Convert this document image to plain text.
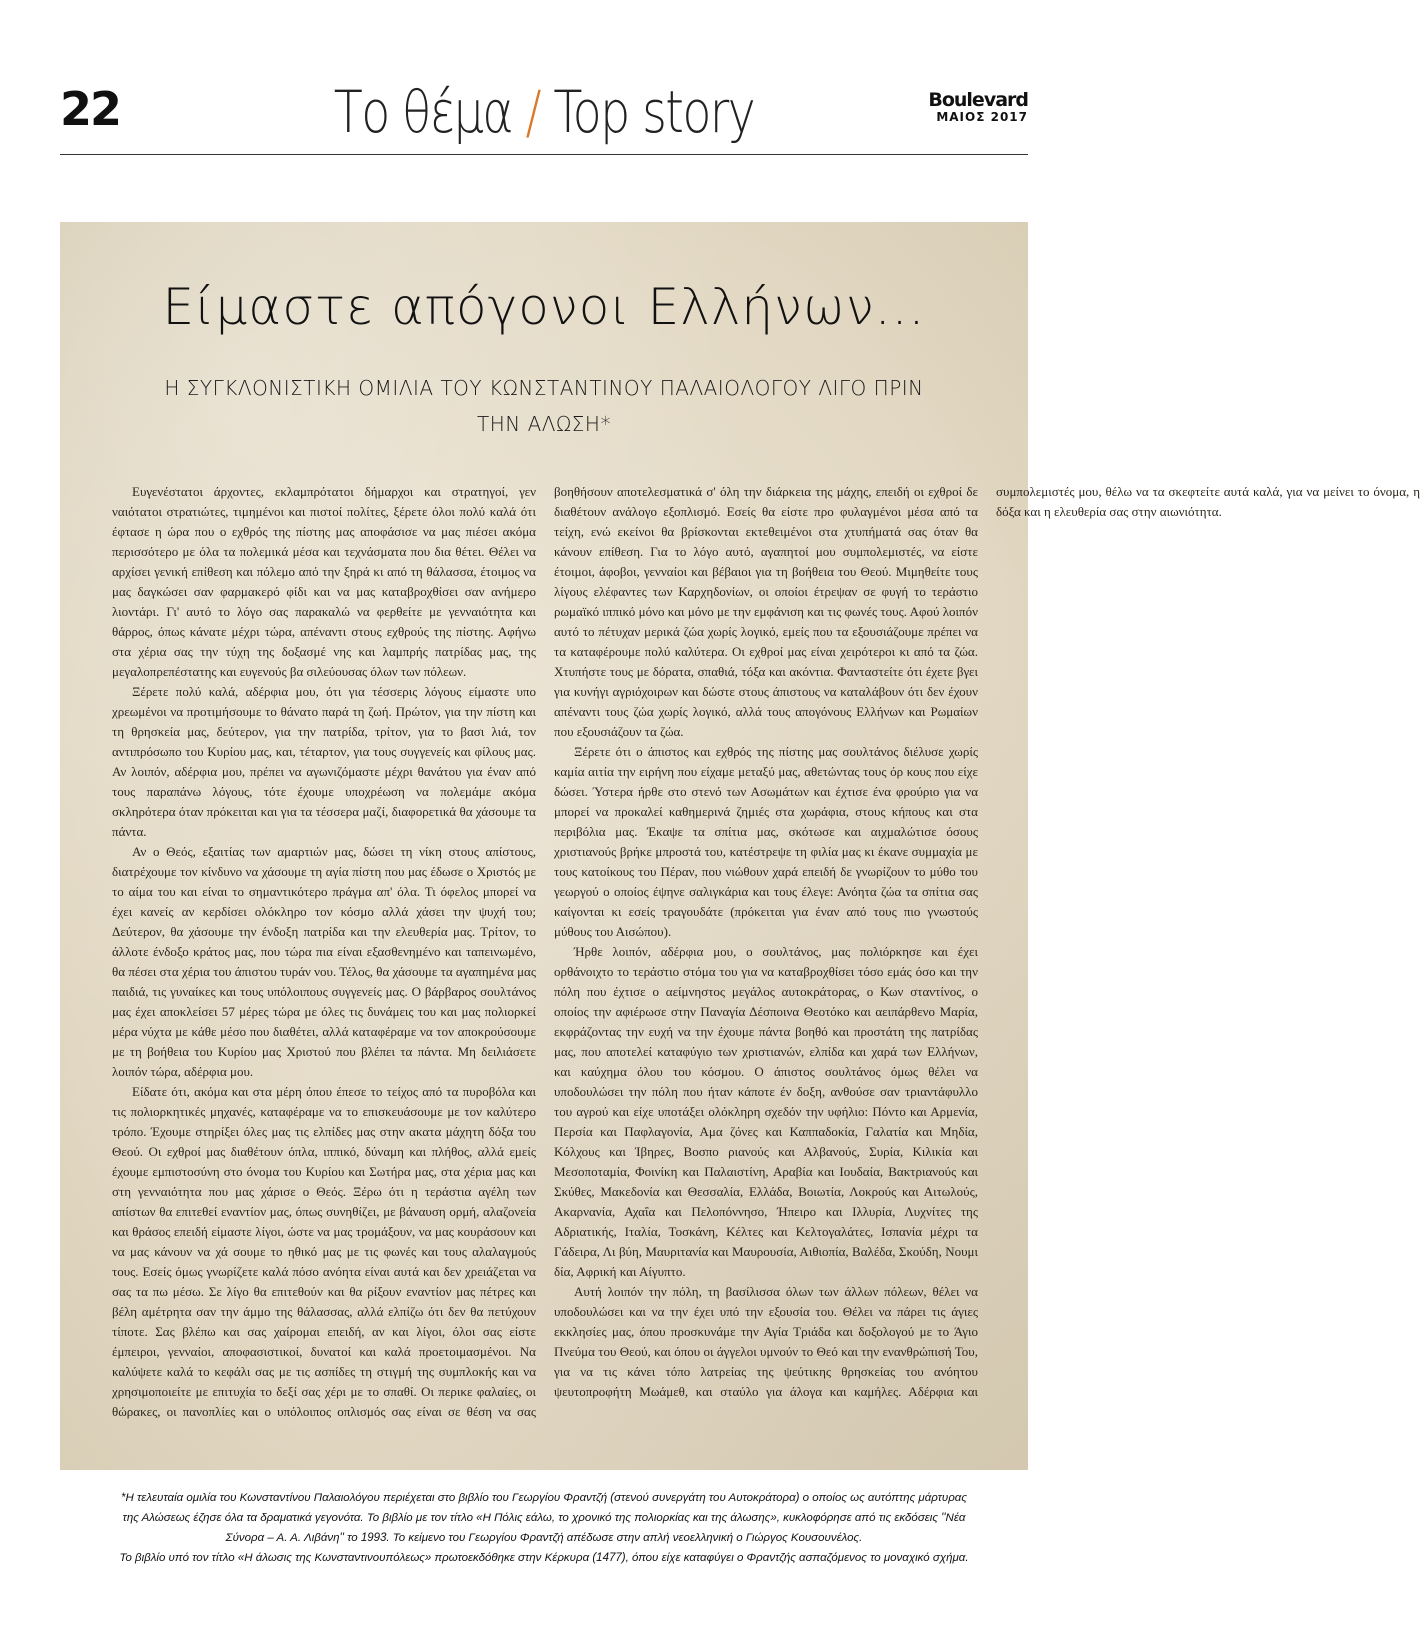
22	Το θέμα / Top story	Boulevard
ΜΑΙΟΣ 2017
Είμαστε απόγονοι Ελλήνων...
Η ΣΥΓΚΛΟΝΙΣΤΙΚΗ ΟΜΙΛΙΑ ΤΟΥ ΚΩΝΣΤΑΝΤΙΝΟΥ ΠΑΛΑΙΟΛΟΓΟΥ ΛΙΓΟ ΠΡΙΝ ΤΗΝ ΑΛΩΣΗ*

Ευγενέστατοι άρχοντες, εκλαμπρότατοι δήμαρχοι και στρατηγοί, γεν ναιότατοι στρατιώτες, τιμημένοι και πιστοί πολίτες, ξέρετε όλοι πολύ καλά ότι έφτασε η ώρα που ο εχθρός της πίστης μας αποφάσισε να μας πιέσει ακόμα περισσότερο με όλα τα πολεμικά μέσα και τεχνάσματα που δια θέτει. Θέλει να αρχίσει γενική επίθεση και πόλεμο από την ξηρά κι από τη θάλασσα, έτοιμος να μας δαγκώσει σαν φαρμακερό φίδι και να μας καταβροχθίσει σαν ανήμερο λιοντάρι. Γι' αυτό το λόγο σας παρακαλώ να φερθείτε με γενναιότητα και θάρρος, όπως κάνατε μέχρι τώρα, απέναντι στους εχθρούς της πίστης. Αφήνω στα χέρια σας την τύχη της δοξασμέ νης και λαμπρής πατρίδας μας, της μεγαλοπρεπέστατης και ευγενούς βα σιλεύουσας όλων των πόλεων.

Ξέρετε πολύ καλά, αδέρφια μου, ότι για τέσσερις λόγους είμαστε υπο χρεωμένοι να προτιμήσουμε το θάνατο παρά τη ζωή. Πρώτον, για την πίστη και τη θρησκεία μας, δεύτερον, για την πατρίδα, τρίτον, για το βασι λιά, τον αντιπρόσωπο του Κυρίου μας, και, τέταρτον, για τους συγγενείς και φίλους μας. Αν λοιπόν, αδέρφια μου, πρέπει να αγωνιζόμαστε μέχρι θανάτου για έναν από τους παραπάνω λόγους, τότε έχουμε υποχρέωση να πολεμάμε ακόμα σκληρότερα όταν πρόκειται και για τα τέσσερα μαζί, διαφορετικά θα χάσουμε τα πάντα.

Αν ο Θεός, εξαιτίας των αμαρτιών μας, δώσει τη νίκη στους απίστους, διατρέχουμε τον κίνδυνο να χάσουμε τη αγία πίστη που μας έδωσε ο Χριστός με το αίμα του και είναι το σημαντικότερο πράγμα απ' όλα. Τι όφελος μπορεί να έχει κανείς αν κερδίσει ολόκληρο τον κόσμο αλλά χάσει την ψυχή του; Δεύτερον, θα χάσουμε την ένδοξη πατρίδα και την ελευθερία μας. Τρίτον, το άλλοτε ένδοξο κράτος μας, που τώρα πια είναι εξασθενημένο και ταπεινωμένο, θα πέσει στα χέρια του άπιστου τυράν νου. Τέλος, θα χάσουμε τα αγαπημένα μας παιδιά, τις γυναίκες και τους υπόλοιπους συγγενείς μας. Ο βάρβαρος σουλτάνος μας έχει αποκλείσει 57 μέρες τώρα με όλες τις δυνάμεις του και μας πολιορκεί μέρα νύχτα με κάθε μέσο που διαθέτει, αλλά καταφέραμε να τον αποκρούσουμε με τη βοήθεια του Κυρίου μας Χριστού που βλέπει τα πάντα. Μη δειλιάσετε λοιπόν τώρα, αδέρφια μου.

Είδατε ότι, ακόμα και στα μέρη όπου έπεσε το τείχος από τα πυροβόλα και τις πολιορκητικές μηχανές, καταφέραμε να το επισκευάσουμε με τον καλύτερο τρόπο. Έχουμε στηρίξει όλες μας τις ελπίδες μας στην ακατα μάχητη δόξα του Θεού. Οι εχθροί μας διαθέτουν όπλα, ιππικό, δύναμη και πλήθος, αλλά εμείς έχουμε εμπιστοσύνη στο όνομα του Κυρίου και Σωτήρα μας, στα χέρια μας και στη γενναιότητα που μας χάρισε ο Θεός. Ξέρω ότι η τεράστια αγέλη των απίστων θα επιτεθεί εναντίον μας, όπως συνηθίζει, με βάναυση ορμή, αλαζονεία και θράσος επειδή είμαστε λίγοι, ώστε να μας τρομάξουν, να μας κουράσουν και να μας κάνουν να χά σουμε το ηθικό μας με τις φωνές και τους αλαλαγμούς τους. Εσείς όμως γνωρίζετε καλά πόσο ανόητα είναι αυτά και δεν χρειάζεται να σας τα πω μέσω. Σε λίγο θα επιτεθούν και θα ρίξουν εναντίον μας πέτρες και βέλη αμέτρητα σαν την άμμο της θάλασσας, αλλά ελπίζω ότι δεν θα πετύχουν τίποτε. Σας βλέπω και σας χαίρομαι επειδή, αν και λίγοι, όλοι σας είστε έμπειροι, γενναίοι, αποφασιστικοί, δυνατοί και καλά προετοιμασμένοι. Να καλύψετε καλά το κεφάλι σας με τις ασπίδες τη στιγμή της συμπλοκής και να χρησιμοποιείτε με επιτυχία το δεξί σας χέρι με το σπαθί. Οι περικε φαλαίες, οι θώρακες, οι πανοπλίες και ο υπόλοιπος οπλισμός σας είναι σε θέση να σας βοηθήσουν αποτελεσματικά σ' όλη την διάρκεια της μάχης, επειδή οι εχθροί δε διαθέτουν ανάλογο εξοπλισμό. Εσείς θα είστε προ φυλαγμένοι μέσα από τα τείχη, ενώ εκείνοι θα βρίσκονται εκτεθειμένοι στα χτυπήματά σας όταν θα κάνουν επίθεση. Για το λόγο αυτό, αγαπητοί μου συμπολεμιστές, να είστε έτοιμοι, άφοβοι, γενναίοι και βέβαιοι για τη βοήθεια του Θεού. Μιμηθείτε τους λίγους ελέφαντες των Καρχηδονίων, οι οποίοι έτρεψαν σε φυγή το τεράστιο ρωμαϊκό ιππικό μόνο και μόνο με την εμφάνιση και τις φωνές τους. Αφού λοιπόν αυτό το πέτυχαν μερικά ζώα χωρίς λογικό, εμείς που τα εξουσιάζουμε πρέπει να τα καταφέρουμε πολύ καλύτερα. Οι εχθροί μας είναι χειρότεροι κι από τα ζώα. Χτυπήστε τους με δόρατα, σπαθιά, τόξα και ακόντια. Φανταστείτε ότι έχετε βγει για κυνήγι αγριόχοιρων και δώστε στους άπιστους να καταλάβουν ότι δεν έχουν απέναντι τους ζώα χωρίς λογικό, αλλά τους απογόνους Ελλήνων και Ρωμαίων που εξουσιάζουν τα ζώα.

Ξέρετε ότι ο άπιστος και εχθρός της πίστης μας σουλτάνος διέλυσε χωρίς καμία αιτία την ειρήνη που είχαμε μεταξύ μας, αθετώντας τους όρ κους που είχε δώσει. Ύστερα ήρθε στο στενό των Ασωμάτων και έχτισε ένα φρούριο για να μπορεί να προκαλεί καθημερινά ζημιές στα χωράφια, στους κήπους και στα περιβόλια μας. Έκαψε τα σπίτια μας, σκότωσε και αιχμαλώτισε όσους χριστιανούς βρήκε μπροστά του, κατέστρεψε τη φιλία μας κι έκανε συμμαχία με τους κατοίκους του Πέραν, που νιώθουν χαρά επειδή δε γνωρίζουν το μύθο του γεωργού ο οποίος έψηνε σαλιγκάρια και τους έλεγε: Ανόητα ζώα τα σπίτια σας καίγονται κι εσείς τραγουδάτε (πρόκειται για έναν από τους πιο γνωστούς μύθους του Αισώπου).

Ήρθε λοιπόν, αδέρφια μου, ο σουλτάνος, μας πολιόρκησε και έχει ορθάνοιχτο το τεράστιο στόμα του για να καταβροχθίσει τόσο εμάς όσο και την πόλη που έχτισε ο αείμνηστος μεγάλος αυτοκράτορας, ο Κων σταντίνος, ο οποίος την αφιέρωσε στην Παναγία Δέσποινα Θεοτόκο και αειπάρθενο Μαρία, εκφράζοντας την ευχή να την έχουμε πάντα βοηθό και προστάτη της πατρίδας μας, που αποτελεί καταφύγιο των χριστιανών, ελπίδα και χαρά των Ελλήνων, και καύχημα όλου του κόσμου. Ο άπιστος σουλτάνος όμως θέλει να υποδουλώσει την πόλη που ήταν κάποτε έν δοξη, ανθούσε σαν τριαντάφυλλο του αγρού και είχε υποτάξει ολόκληρη σχεδόν την υφήλιο: Πόντο και Αρμενία, Περσία και Παφλαγονία, Αμα ζόνες και Καππαδοκία, Γαλατία και Μηδία, Κόλχους και Ίβηρες, Βοσπο ριανούς και Αλβανούς, Συρία, Κιλικία και Μεσοποταμία, Φοινίκη και Παλαιστίνη, Αραβία και Ιουδαία, Βακτριανούς και Σκύθες, Μακεδονία και Θεσσαλία, Ελλάδα, Βοιωτία, Λοκρούς και Αιτωλούς, Ακαρνανία, Αχαΐα και Πελοπόννησο, Ήπειρο και Ιλλυρία, Λυχνίτες της Αδριατικής, Ιταλία, Τοσκάνη, Κέλτες και Κελτογαλάτες, Ισπανία μέχρι τα Γάδειρα, Λι βύη, Μαυριτανία και Μαυρουσία, Αιθιοπία, Βαλέδα, Σκούδη, Νουμι δία, Αφρική και Αίγυπτο.

Αυτή λοιπόν την πόλη, τη βασίλισσα όλων των άλλων πόλεων, θέλει να υποδουλώσει και να την έχει υπό την εξουσία του. Θέλει να πάρει τις άγιες εκκλησίες μας, όπου προσκυνάμε την Αγία Τριάδα και δοξολογού με το Άγιο Πνεύμα του Θεού, και όπου οι άγγελοι υμνούν το Θεό και την ενανθρώπισή Του, για να τις κάνει τόπο λατρείας της ψεύτικης θρησκείας του ανόητου ψευτοπροφήτη Μωάμεθ, και σταύλο για άλογα και καμήλες. Αδέρφια και συμπολεμιστές μου, θέλω να τα σκεφτείτε αυτά καλά, για να μείνει το όνομα, η δόξα και η ελευθερία σας στην αιωνιότητα.

*Η τελευταία ομιλία του Κωνσταντίνου Παλαιολόγου περιέχεται στο βιβλίο του Γεωργίου Φραντζή (στενού συνεργάτη του Αυτοκράτορα) ο οποίος ως αυτόπτης μάρτυρας
της Αλώσεως έζησε όλα τα δραματικά γεγονότα. Το βιβλίο με τον τίτλο «Η Πόλις εάλω, το χρονικό της πολιορκίας και της άλωσης», κυκλοφόρησε από τις εκδόσεις ''Νέα
Σύνορα – Α. Α. Λιβάνη'' το 1993. Το κείμενο του Γεωργίου Φραντζή απέδωσε στην απλή νεοελληνική ο Γιώργος Κουσουνέλος.
Το βιβλίο υπό τον τίτλο «Η άλωσις της Κωνσταντινουπόλεως» πρωτοεκδόθηκε στην Κέρκυρα (1477), όπου είχε καταφύγει ο Φραντζής ασπαζόμενος το μοναχικό σχήμα.
